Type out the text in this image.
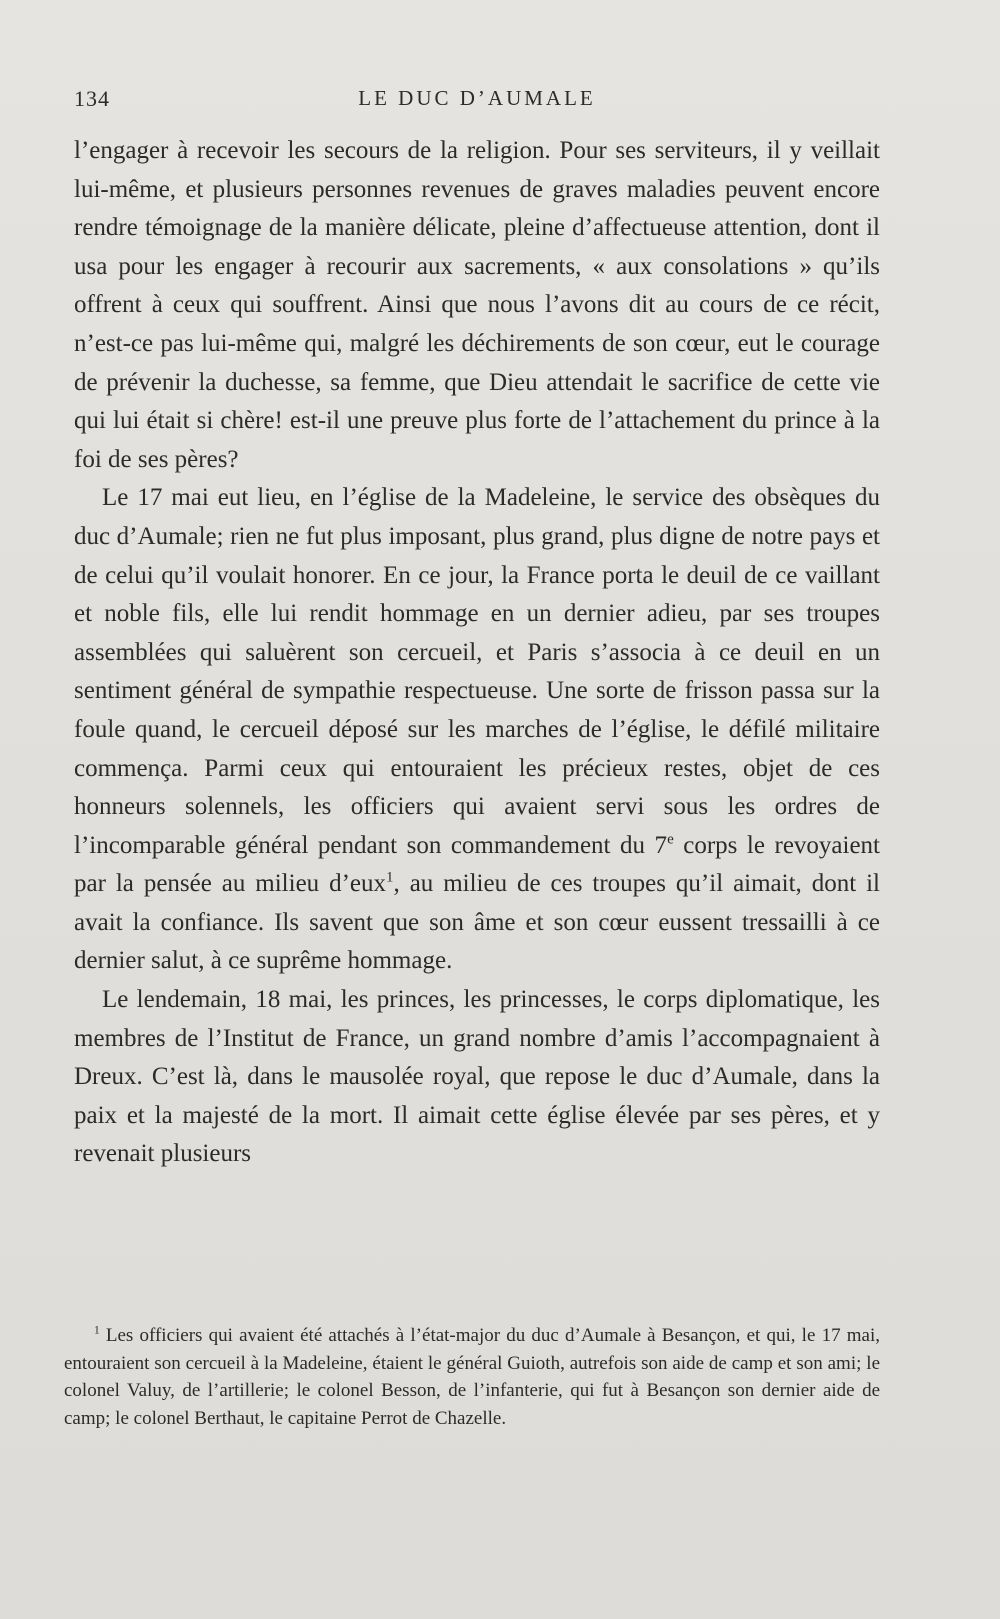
134	LE DUC D’AUMALE

l’engager à recevoir les secours de la religion. Pour ses serviteurs, il y veillait lui-même, et plusieurs personnes revenues de graves maladies peuvent encore rendre témoignage de la manière délicate, pleine d’affectueuse attention, dont il usa pour les engager à recourir aux sacrements, « aux consolations » qu’ils offrent à ceux qui souffrent. Ainsi que nous l’avons dit au cours de ce récit, n’est-ce pas lui-même qui, malgré les déchirements de son cœur, eut le courage de prévenir la duchesse, sa femme, que Dieu attendait le sacrifice de cette vie qui lui était si chère! est-il une preuve plus forte de l’attachement du prince à la foi de ses pères?

Le 17 mai eut lieu, en l’église de la Madeleine, le service des obsèques du duc d’Aumale; rien ne fut plus imposant, plus grand, plus digne de notre pays et de celui qu’il voulait honorer. En ce jour, la France porta le deuil de ce vaillant et noble fils, elle lui rendit hommage en un dernier adieu, par ses troupes assemblées qui saluèrent son cercueil, et Paris s’associa à ce deuil en un sentiment général de sympathie respectueuse. Une sorte de frisson passa sur la foule quand, le cercueil déposé sur les marches de l’église, le défilé militaire commença. Parmi ceux qui entouraient les précieux restes, objet de ces honneurs solennels, les officiers qui avaient servi sous les ordres de l’incomparable général pendant son commandement du 7e corps le revoyaient par la pensée au milieu d’eux$^1$, au milieu de ces troupes qu’il aimait, dont il avait la confiance. Ils savent que son âme et son cœur eussent tressailli à ce dernier salut, à ce suprême hommage.

Le lendemain, 18 mai, les princes, les princesses, le corps diplomatique, les membres de l’Institut de France, un grand nombre d’amis l’accompagnaient à Dreux. C’est là, dans le mausolée royal, que repose le duc d’Aumale, dans la paix et la majesté de la mort. Il aimait cette église élevée par ses pères, et y revenait plusieurs

$^1$ Les officiers qui avaient été attachés à l’état-major du duc d’Aumale à Besançon, et qui, le 17 mai, entouraient son cercueil à la Madeleine, étaient le général Guioth, autrefois son aide de camp et son ami; le colonel Valuy, de l’artillerie; le colonel Besson, de l’infanterie, qui fut à Besançon son dernier aide de camp; le colonel Berthaut, le capitaine Perrot de Chazelle.
